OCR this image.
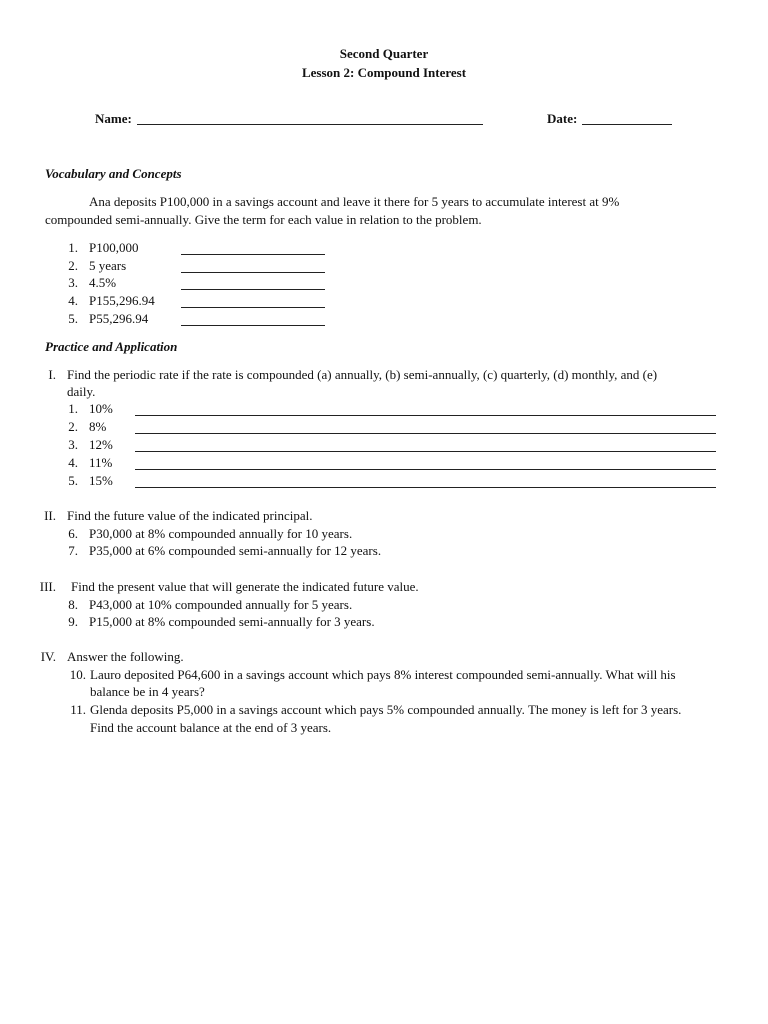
Second Quarter
Lesson 2: Compound Interest
Name:	Date:
Vocabulary and Concepts
Ana deposits P100,000 in a savings account and leave it there for 5 years to accumulate interest at 9%
compounded semi-annually. Give the term for each value in relation to the problem.
1. P100,000
2. 5 years
3. 4.5%
4. P155,296.94
5. P55,296.94
Practice and Application
I. Find the periodic rate if the rate is compounded (a) annually, (b) semi-annually, (c) quarterly, (d) monthly, and (e)
daily.
1. 10%
2. 8%
3. 12%
4. 11%
5. 15%
II. Find the future value of the indicated principal.
6. P30,000 at 8% compounded annually for 10 years.
7. P35,000 at 6% compounded semi-annually for 12 years.
III. Find the present value that will generate the indicated future value.
8. P43,000 at 10% compounded annually for 5 years.
9. P15,000 at 8% compounded semi-annually for 3 years.
IV. Answer the following.
10. Lauro deposited P64,600 in a savings account which pays 8% interest compounded semi-annually. What will his
balance be in 4 years?
11. Glenda deposits P5,000 in a savings account which pays 5% compounded annually. The money is left for 3 years.
Find the account balance at the end of 3 years.
